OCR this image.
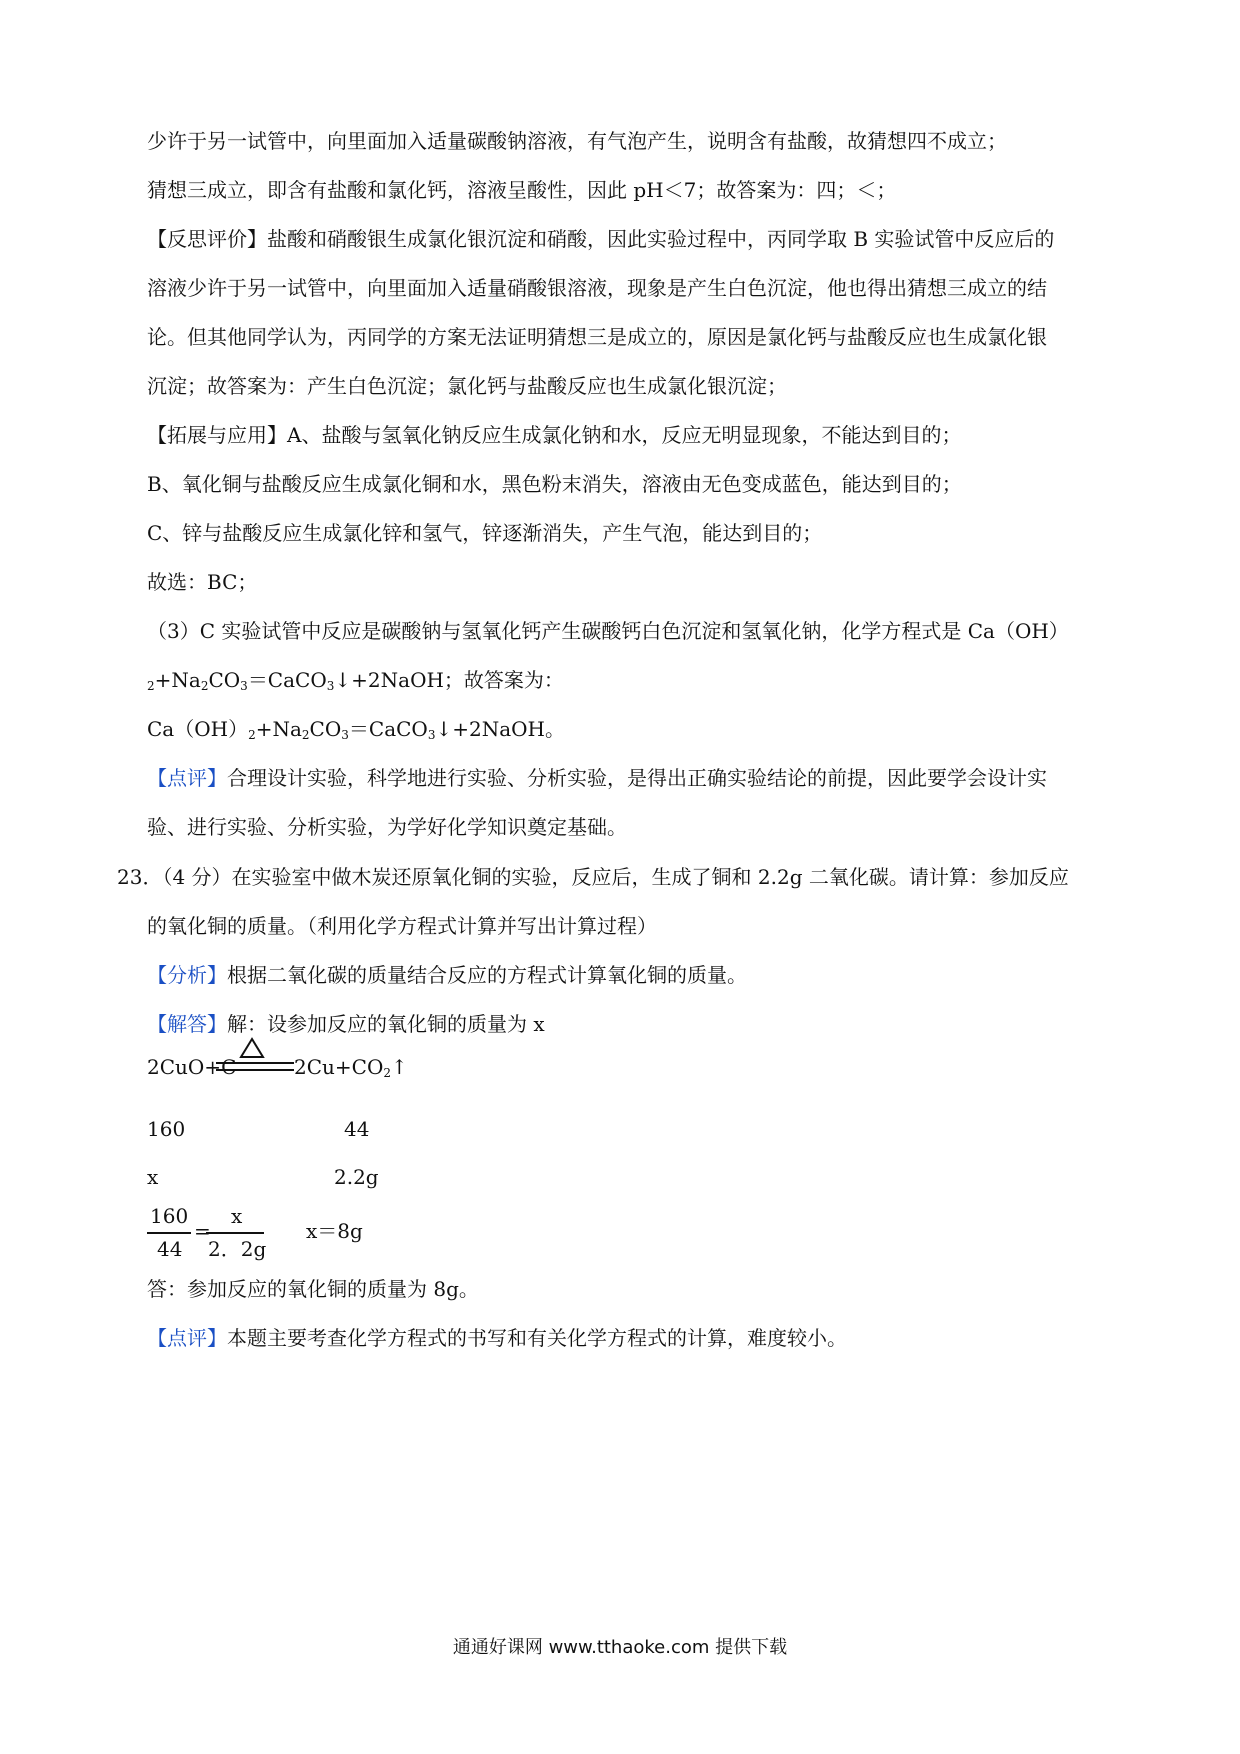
少许于另一试管中，向里面加入适量碳酸钠溶液，有气泡产生，说明含有盐酸，故猜想四不成立；
猜想三成立，即含有盐酸和氯化钙，溶液呈酸性，因此 pH＜7；故答案为：四；＜；
【反思评价】盐酸和硝酸银生成氯化银沉淀和硝酸，因此实验过程中，丙同学取 B 实验试管中反应后的
溶液少许于另一试管中，向里面加入适量硝酸银溶液，现象是产生白色沉淀，他也得出猜想三成立的结
论。但其他同学认为，丙同学的方案无法证明猜想三是成立的，原因是氯化钙与盐酸反应也生成氯化银
沉淀；故答案为：产生白色沉淀；氯化钙与盐酸反应也生成氯化银沉淀；
【拓展与应用】A、盐酸与氢氧化钠反应生成氯化钠和水，反应无明显现象，不能达到目的；
B、氧化铜与盐酸反应生成氯化铜和水，黑色粉末消失，溶液由无色变成蓝色，能达到目的；
C、锌与盐酸反应生成氯化锌和氢气，锌逐渐消失，产生气泡，能达到目的；
故选：BC；
（3）C 实验试管中反应是碳酸钠与氢氧化钙产生碳酸钙白色沉淀和氢氧化钠，化学方程式是 Ca（OH）
$_2+Na_2CO_3=CaCO_3↓+2NaOH$；故答案为：
$Ca(OH)_2+Na_2CO_3=CaCO_3↓+2NaOH$。
【点评】合理设计实验，科学地进行实验、分析实验，是得出正确实验结论的前提，因此要学会设计实
验、进行实验、分析实验，为学好化学知识奠定基础。
23．（4 分）在实验室中做木炭还原氧化铜的实验，反应后，生成了铜和 2.2g 二氧化碳。请计算：参加反应
的氧化铜的质量。（利用化学方程式计算并写出计算过程）
【分析】根据二氧化碳的质量结合反应的方程式计算氧化铜的质量。
【解答】解：设参加反应的氧化铜的质量为 x
2CuO+C	$2Cu+CO_2↑$
160	44
x	2.2g
160
44
=
x
2．2g
x＝8g
答：参加反应的氧化铜的质量为 8g。
【点评】本题主要考查化学方程式的书写和有关化学方程式的计算，难度较小。
通通好课网 www.tthaoke.com 提供下载
